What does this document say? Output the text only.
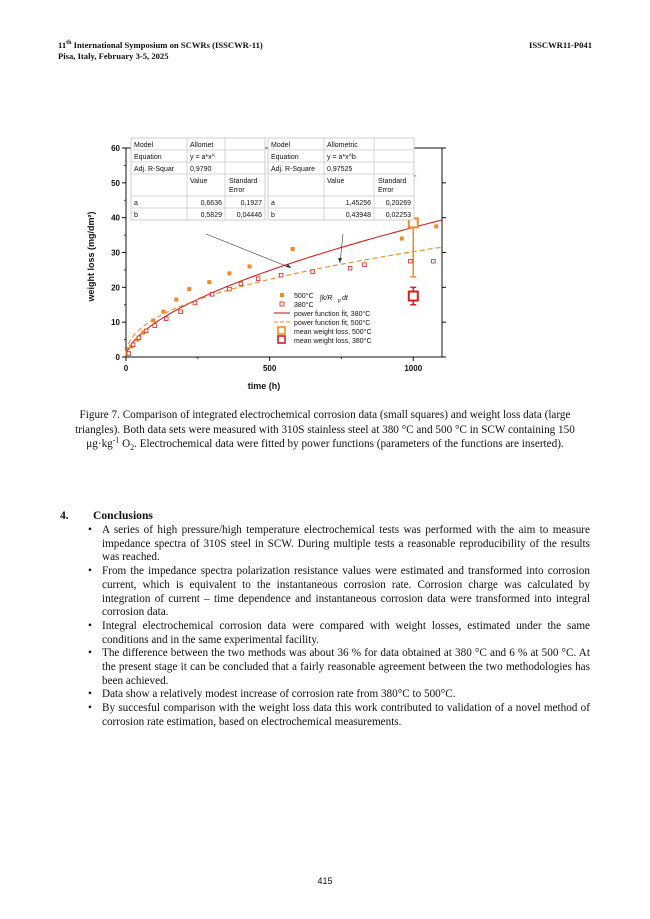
11th International Symposium on SCWRs (ISSCWR-11)
Pisa, Italy, February 3-5, 2025
ISSCWR11-P041
0
10
20
30
40
50
60
0	500	1000
time (h)
weight loss (mg/dm²)
Model	Allomet
Equation	y = a*x^
Adj. R-Squar 0,9790
Value	Standard
Error
a	0,6636	0,1927
b	0,5829 0,04446
Model	Allometric
Equation	y = a*x^b
Adj. R-Square 0,97525
Value	Standard
Error
a	1,45256 0,20269
b	0,43948 0,02253
500°C
380°C
power function fit, 380°C
power function fit, 500°C
mean weight loss, 500°C
mean weight loss, 380°C
∫k/R p dt
Figure 7. Comparison of integrated electrochemical corrosion data (small squares) and weight loss data (large triangles). Both data sets were measured with 310S stainless steel at 380 °C and 500 °C in SCW containing 150 $\mu g\cdot kg^{-1}$ $O_2$. Electrochemical data were fitted by power functions (parameters of the functions are inserted).
4. Conclusions
• A series of high pressure/high temperature electrochemical tests was performed with the aim to measure impedance spectra of 310S steel in SCW. During multiple tests a reasonable reproducibility of the results was reached.
• From the impedance spectra polarization resistance values were estimated and transformed into corrosion current, which is equivalent to the instantaneous corrosion rate. Corrosion charge was calculated by integration of current – time dependence and instantaneous corrosion data were transformed into integral corrosion data.
• Integral electrochemical corrosion data were compared with weight losses, estimated under the same conditions and in the same experimental facility.
• The difference between the two methods was about 36 % for data obtained at 380 °C and 6 % at 500 °C. At the present stage it can be concluded that a fairly reasonable agreement between the two methodologies has been achieved.
• Data show a relatively modest increase of corrosion rate from 380°C to 500°C.
• By succesful comparison with the weight loss data this work contributed to validation of a novel method of corrosion rate estimation, based on electrochemical measurements.
415
